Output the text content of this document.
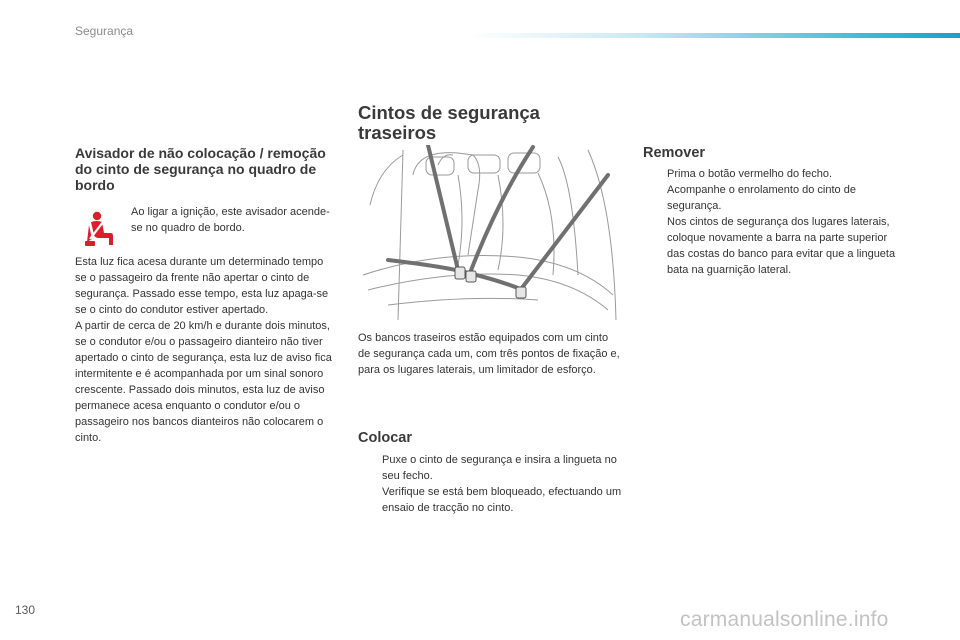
Segurança
Avisador de não colocação / remoção do cinto de segurança no quadro de bordo
Ao ligar a ignição, este avisador acende-se no quadro de bordo.

Esta luz fica acesa durante um determinado tempo se o passageiro da frente não apertar o cinto de segurança. Passado esse tempo, esta luz apaga-se se o cinto do condutor estiver apertado.

A partir de cerca de 20 km/h e durante dois minutos, se o condutor e/ou o passageiro dianteiro não tiver apertado o cinto de segurança, esta luz de aviso fica intermitente e é acompanhada por um sinal sonoro crescente. Passado dois minutos, esta luz de aviso permanece acesa enquanto o condutor e/ou o passageiro nos bancos dianteiros não colocarem o cinto.

Cintos de segurança traseiros
Os bancos traseiros estão equipados com um cinto de segurança cada um, com três pontos de fixação e, para os lugares laterais, um limitador de esforço.
Colocar
Puxe o cinto de segurança e insira a lingueta no seu fecho.
Verifique se está bem bloqueado, efectuando um ensaio de tracção no cinto.
Remover
Prima o botão vermelho do fecho.
Acompanhe o enrolamento do cinto de segurança.
Nos cintos de segurança dos lugares laterais, coloque novamente a barra na parte superior das costas do banco para evitar que a lingueta bata na guarnição lateral.
130	carmanualsonline.info
